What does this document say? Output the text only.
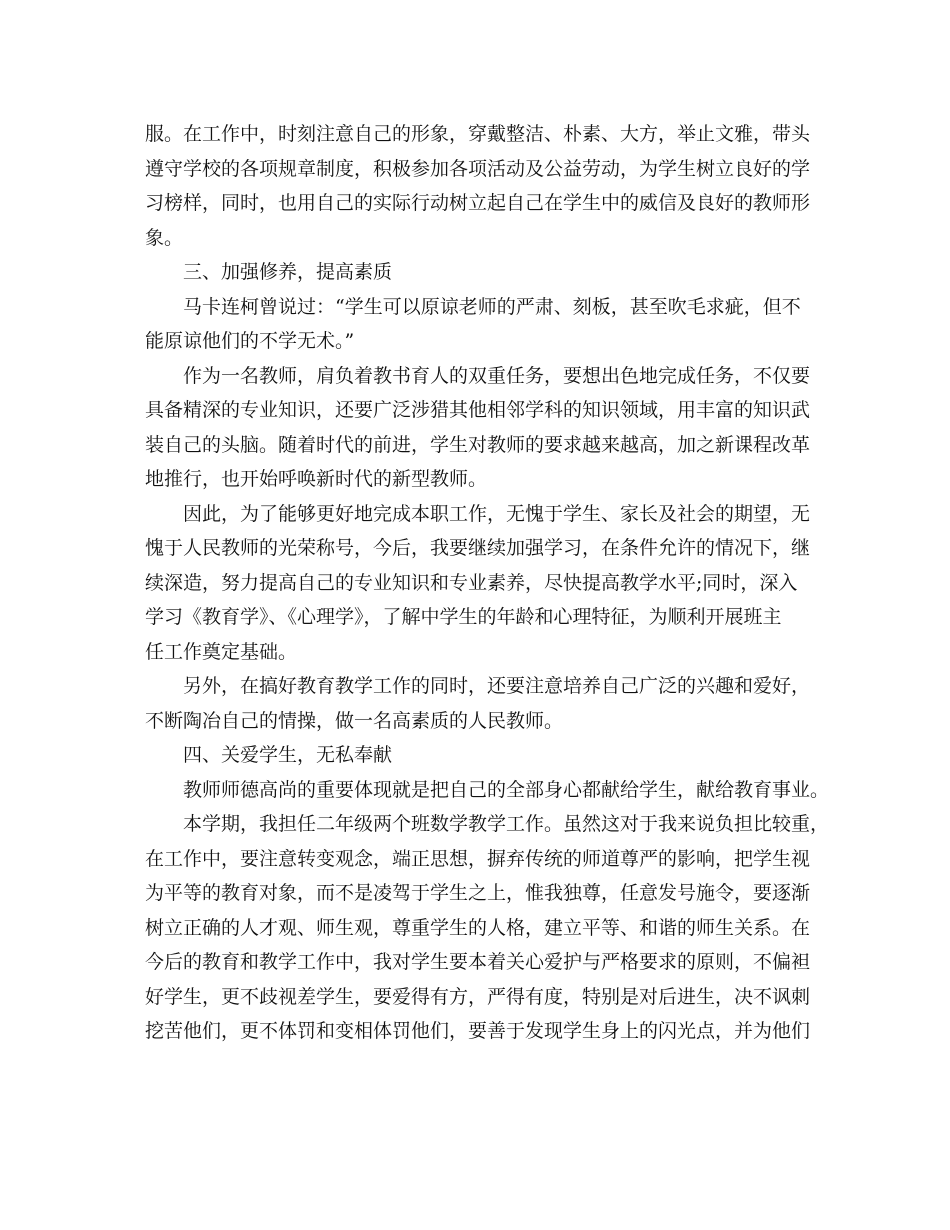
服。在工作中，时刻注意自己的形象，穿戴整洁、朴素、大方，举止文雅，带头
遵守学校的各项规章制度，积极参加各项活动及公益劳动，为学生树立良好的学
习榜样，同时，也用自己的实际行动树立起自己在学生中的威信及良好的教师形
象。
三、加强修养，提高素质
马卡连柯曾说过：“学生可以原谅老师的严肃、刻板，甚至吹毛求疵，但不
能原谅他们的不学无术。”
作为一名教师，肩负着教书育人的双重任务，要想出色地完成任务，不仅要
具备精深的专业知识，还要广泛涉猎其他相邻学科的知识领域，用丰富的知识武
装自己的头脑。随着时代的前进，学生对教师的要求越来越高，加之新课程改革
地推行，也开始呼唤新时代的新型教师。
因此，为了能够更好地完成本职工作，无愧于学生、家长及社会的期望，无
愧于人民教师的光荣称号，今后，我要继续加强学习，在条件允许的情况下，继
续深造，努力提高自己的专业知识和专业素养，尽快提高教学水平;同时，深入
学习《教育学》、《心理学》，了解中学生的年龄和心理特征，为顺利开展班主
任工作奠定基础。
另外，在搞好教育教学工作的同时，还要注意培养自己广泛的兴趣和爱好，
不断陶冶自己的情操，做一名高素质的人民教师。
四、关爱学生，无私奉献
教师师德高尚的重要体现就是把自己的全部身心都献给学生，献给教育事业。
本学期，我担任二年级两个班数学教学工作。虽然这对于我来说负担比较重，
在工作中，要注意转变观念，端正思想，摒弃传统的师道尊严的影响，把学生视
为平等的教育对象，而不是凌驾于学生之上，惟我独尊，任意发号施令，要逐渐
树立正确的人才观、师生观，尊重学生的人格，建立平等、和谐的师生关系。在
今后的教育和教学工作中，我对学生要本着关心爱护与严格要求的原则，不偏袒
好学生，更不歧视差学生，要爱得有方，严得有度，特别是对后进生，决不讽刺
挖苦他们，更不体罚和变相体罚他们，要善于发现学生身上的闪光点，并为他们
